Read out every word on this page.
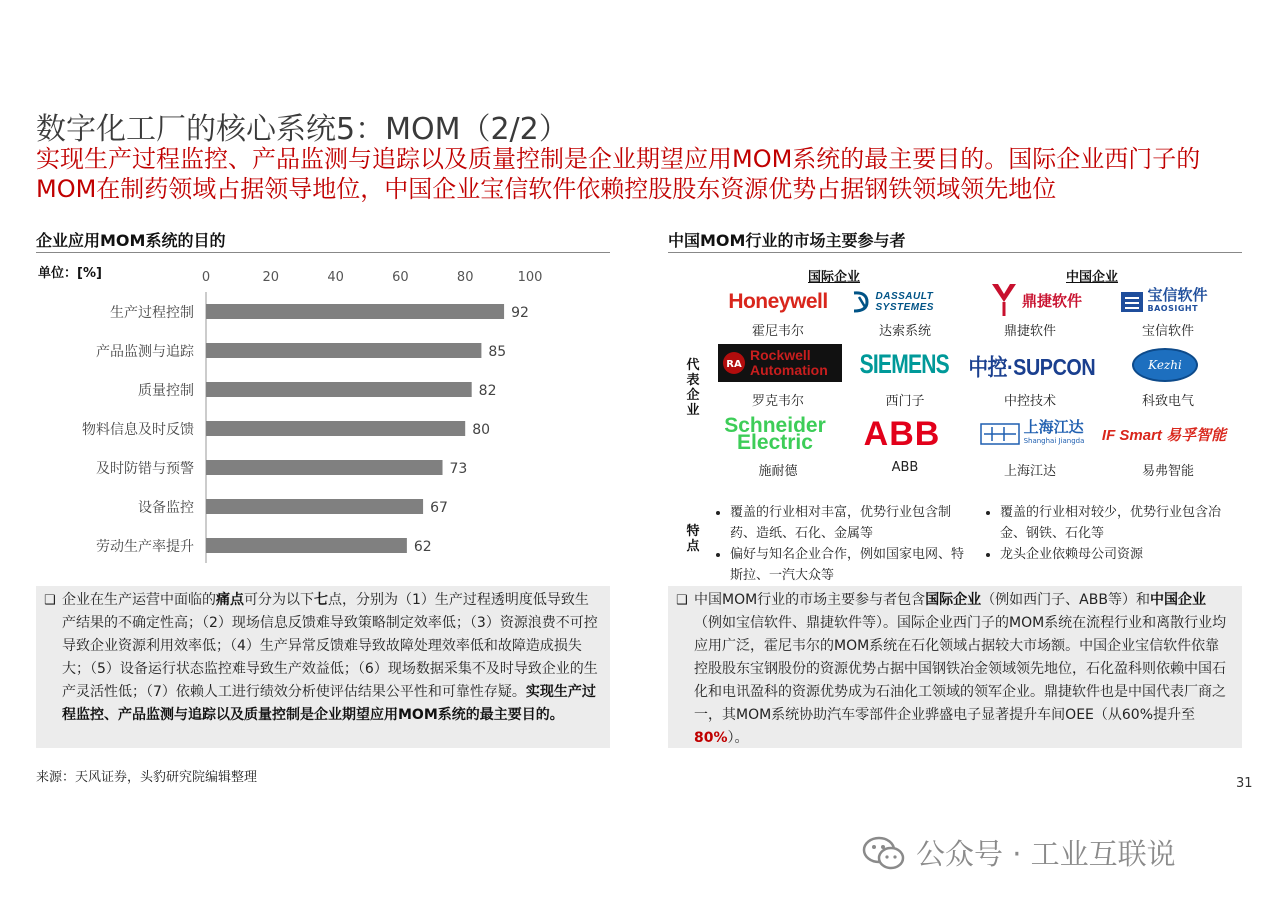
数字化工厂的核心系统5：MOM（2/2）
实现生产过程监控、产品监测与追踪以及质量控制是企业期望应用MOM系统的最主要目的。国际企业西门子的MOM在制药领域占据领导地位，中国企业宝信软件依赖控股股东资源优势占据钢铁领域领先地位
企业应用MOM系统的目的
单位：[%]	0	20	40	60	80	100
生产过程控制	92
产品监测与追踪	85
质量控制	82
物料信息及时反馈	80
及时防错与预警	73
设备监控	67
劳动生产率提升	62
❑ 企业在生产运营中面临的痛点可分为以下七点，分别为（1）生产过程透明度低导致生产结果的不确定性高；（2）现场信息反馈难导致策略制定效率低；（3）资源浪费不可控导致企业资源利用效率低；（4）生产异常反馈难导致故障处理效率低和故障造成损失大；（5）设备运行状态监控难导致生产效益低；（6）现场数据采集不及时导致企业的生产灵活性低；（7）依赖人工进行绩效分析使评估结果公平性和可靠性存疑。实现生产过程监控、产品监测与追踪以及质量控制是企业期望应用MOM系统的最主要目的。
中国MOM行业的市场主要参与者
国际企业	中国企业
代表企业
特点
Honeywell	DASSAULT SYSTEMES	鼎捷软件	宝信软件
BAOSIGHT
霍尼韦尔	达索系统	鼎捷软件	宝信软件
RA
Rockwell Automation	SIEMENS 中控·SUPCON	Kezhi
罗克韦尔	西门子	中控技术	科致电气
Schneider Electric	ABB	上海江达
Shanghai Jiangda IF Smart 易孚智能
施耐德	ABB	上海江达	易弗智能
• 覆盖的行业相对丰富，优势行业包含制药、造纸、石化、金属等
• 偏好与知名企业合作，例如国家电网、特斯拉、一汽大众等
• 覆盖的行业相对较少，优势行业包含冶金、钢铁、石化等
• 龙头企业依赖母公司资源
❑ 中国MOM行业的市场主要参与者包含国际企业（例如西门子、ABB等）和中国企业（例如宝信软件、鼎捷软件等）。国际企业西门子的MOM系统在流程行业和离散行业均应用广泛，霍尼韦尔的MOM系统在石化领域占据较大市场额。中国企业宝信软件依靠控股股东宝钢股份的资源优势占据中国钢铁冶金领域领先地位，石化盈科则依赖中国石化和电讯盈科的资源优势成为石油化工领域的领军企业。鼎捷软件也是中国代表厂商之一，其MOM系统协助汽车零部件企业骅盛电子显著提升车间OEE（从60%提升至80%）。
来源：天风证券，头豹研究院编辑整理	31
公众号 · 工业互联说
